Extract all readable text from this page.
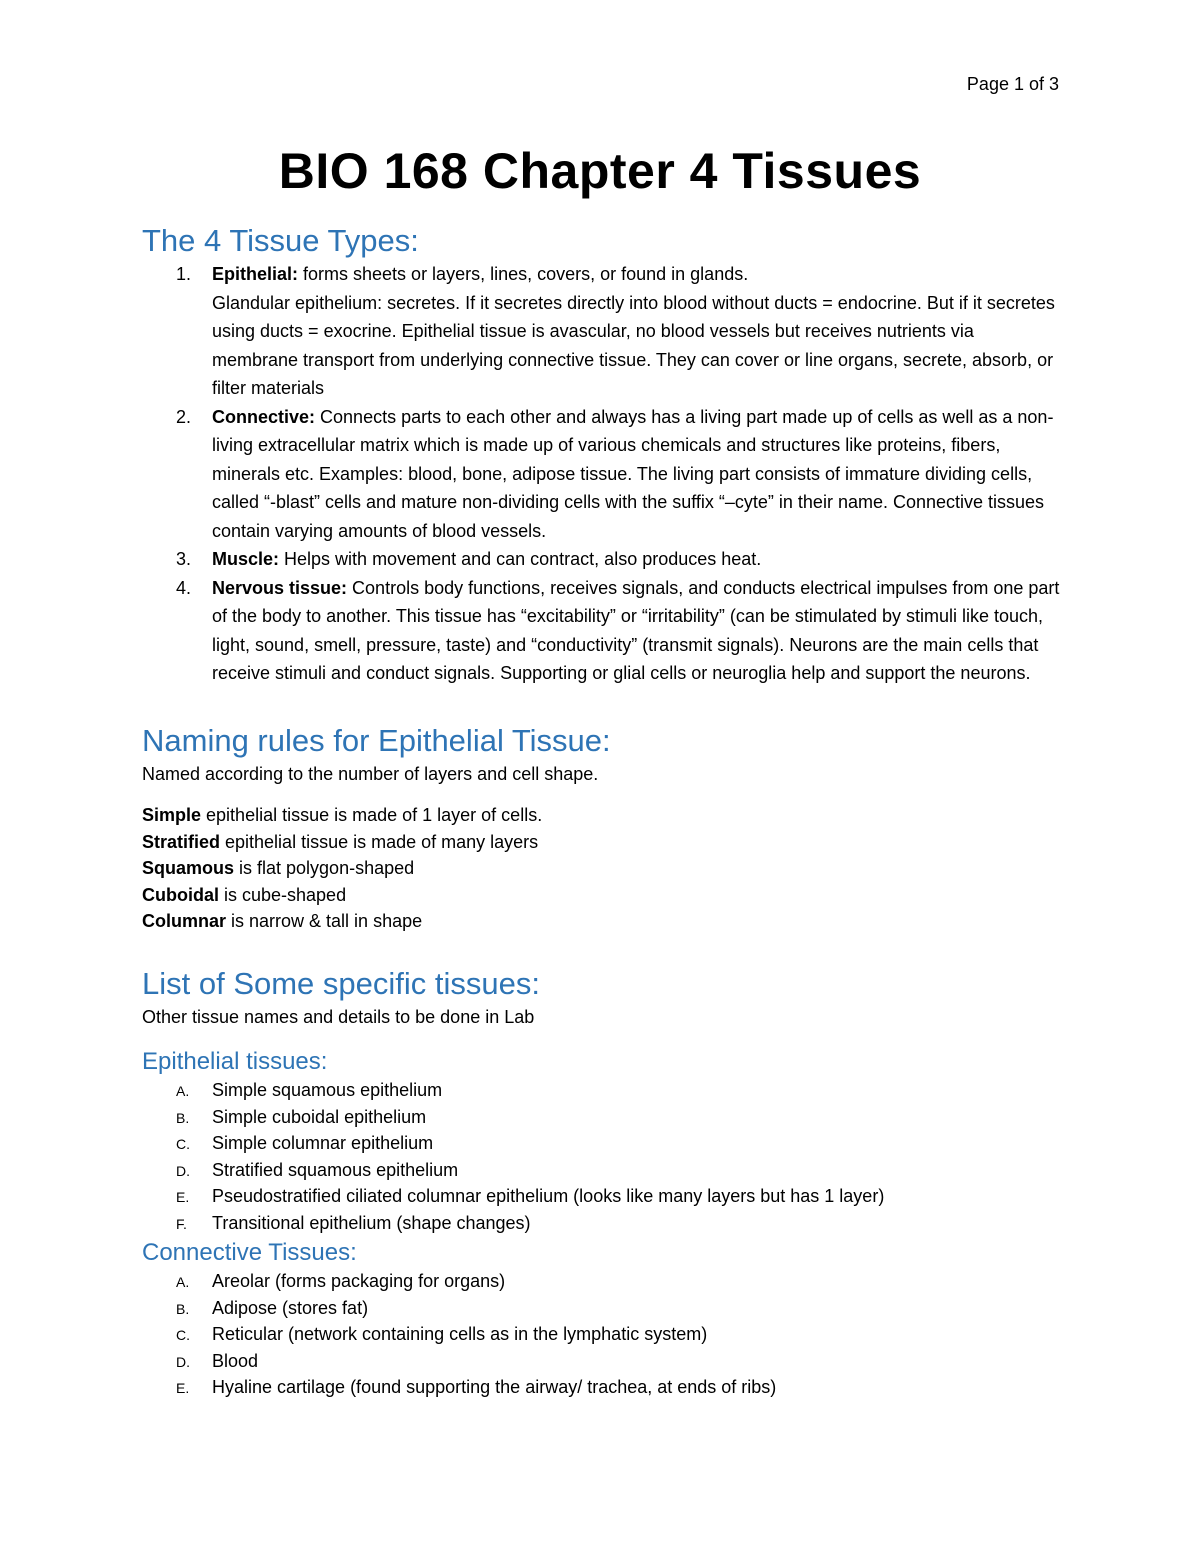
Page 1 of 3
BIO 168 Chapter 4 Tissues
The 4 Tissue Types:
1. Epithelial: forms sheets or layers, lines, covers, or found in glands.
Glandular epithelium: secretes. If it secretes directly into blood without ducts = endocrine. But if it secretes using ducts = exocrine. Epithelial tissue is avascular, no blood vessels but receives nutrients via membrane transport from underlying connective tissue. They can cover or line organs, secrete, absorb, or filter materials
2. Connective: Connects parts to each other and always has a living part made up of cells as well as a non-living extracellular matrix which is made up of various chemicals and structures like proteins, fibers, minerals etc. Examples: blood, bone, adipose tissue. The living part consists of immature dividing cells, called “-blast” cells and mature non-dividing cells with the suffix “–cyte” in their name. Connective tissues contain varying amounts of blood vessels.
3. Muscle: Helps with movement and can contract, also produces heat.
4. Nervous tissue: Controls body functions, receives signals, and conducts electrical impulses from one part of the body to another. This tissue has “excitability” or “irritability” (can be stimulated by stimuli like touch, light, sound, smell, pressure, taste) and “conductivity” (transmit signals). Neurons are the main cells that receive stimuli and conduct signals. Supporting or glial cells or neuroglia help and support the neurons.
Naming rules for Epithelial Tissue:
Named according to the number of layers and cell shape.
Simple epithelial tissue is made of 1 layer of cells.
Stratified epithelial tissue is made of many layers
Squamous is flat polygon-shaped
Cuboidal is cube-shaped
Columnar is narrow & tall in shape
List of Some specific tissues:
Other tissue names and details to be done in Lab
Epithelial tissues:
A. Simple squamous epithelium
B. Simple cuboidal epithelium
C. Simple columnar epithelium
D. Stratified squamous epithelium
E. Pseudostratified ciliated columnar epithelium (looks like many layers but has 1 layer)
F. Transitional epithelium (shape changes)
Connective Tissues:
A. Areolar (forms packaging for organs)
B. Adipose (stores fat)
C. Reticular (network containing cells as in the lymphatic system)
D. Blood
E. Hyaline cartilage (found supporting the airway/ trachea, at ends of ribs)
